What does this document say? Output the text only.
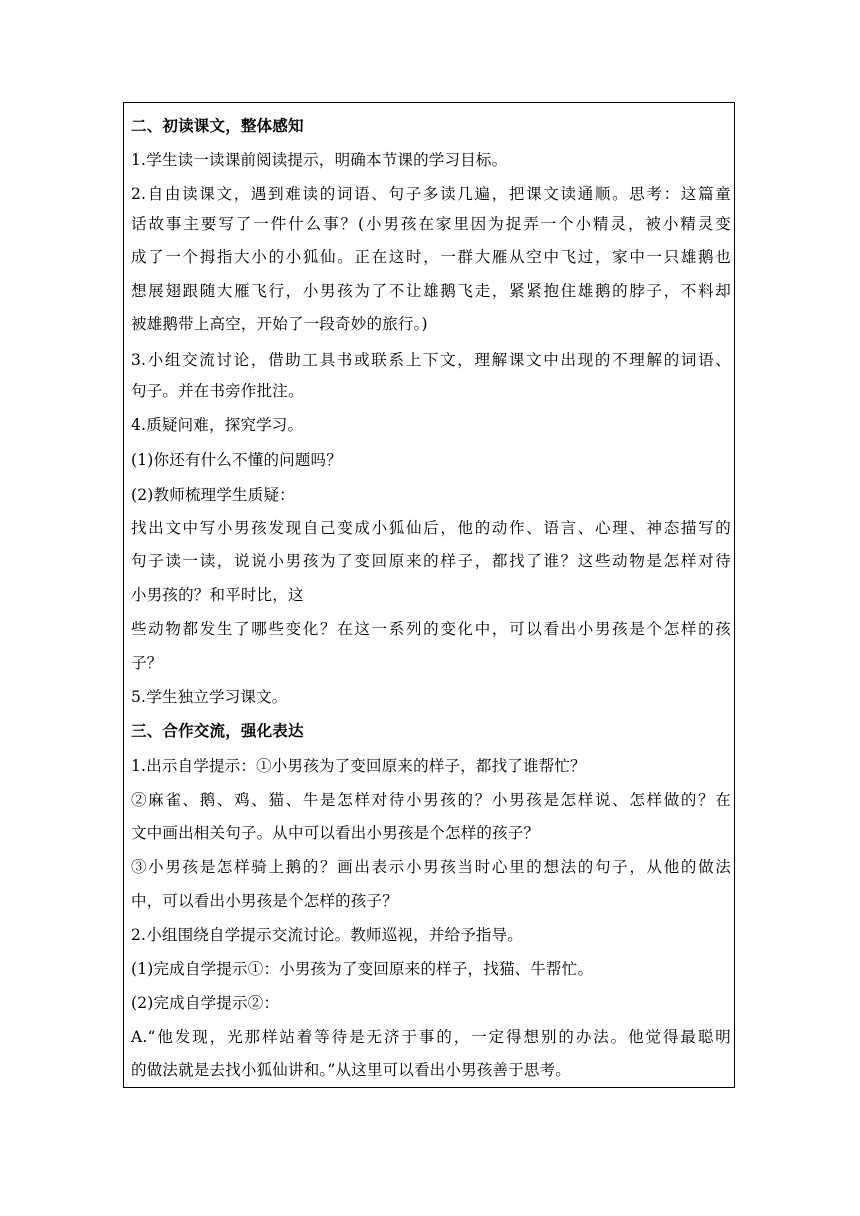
二、初读课文，整体感知
1.学生读一读课前阅读提示，明确本节课的学习目标。
2.自由读课文，遇到难读的词语、句子多读几遍，把课文读通顺。思考：这篇童
话故事主要写了一件什么事？(小男孩在家里因为捉弄一个小精灵，被小精灵变
成了一个拇指大小的小狐仙。正在这时，一群大雁从空中飞过，家中一只雄鹅也
想展翅跟随大雁飞行，小男孩为了不让雄鹅飞走，紧紧抱住雄鹅的脖子，不料却
被雄鹅带上高空，开始了一段奇妙的旅行。)
3.小组交流讨论，借助工具书或联系上下文，理解课文中出现的不理解的词语、
句子。并在书旁作批注。
4.质疑问难，探究学习。
(1)你还有什么不懂的问题吗？
(2)教师梳理学生质疑：
找出文中写小男孩发现自己变成小狐仙后，他的动作、语言、心理、神态描写的
句子读一读，说说小男孩为了变回原来的样子，都找了谁？这些动物是怎样对待
小男孩的？和平时比，这
些动物都发生了哪些变化？在这一系列的变化中，可以看出小男孩是个怎样的孩
子？
5.学生独立学习课文。
三、合作交流，强化表达
1.出示自学提示：①小男孩为了变回原来的样子，都找了谁帮忙？
②麻雀、鹅、鸡、猫、牛是怎样对待小男孩的？小男孩是怎样说、怎样做的？在
文中画出相关句子。从中可以看出小男孩是个怎样的孩子？
③小男孩是怎样骑上鹅的？画出表示小男孩当时心里的想法的句子，从他的做法
中，可以看出小男孩是个怎样的孩子？
2.小组围绕自学提示交流讨论。教师巡视，并给予指导。
(1)完成自学提示①：小男孩为了变回原来的样子，找猫、牛帮忙。
(2)完成自学提示②：
A.“他发现，光那样站着等待是无济于事的，一定得想别的办法。他觉得最聪明
的做法就是去找小狐仙讲和。”从这里可以看出小男孩善于思考。
